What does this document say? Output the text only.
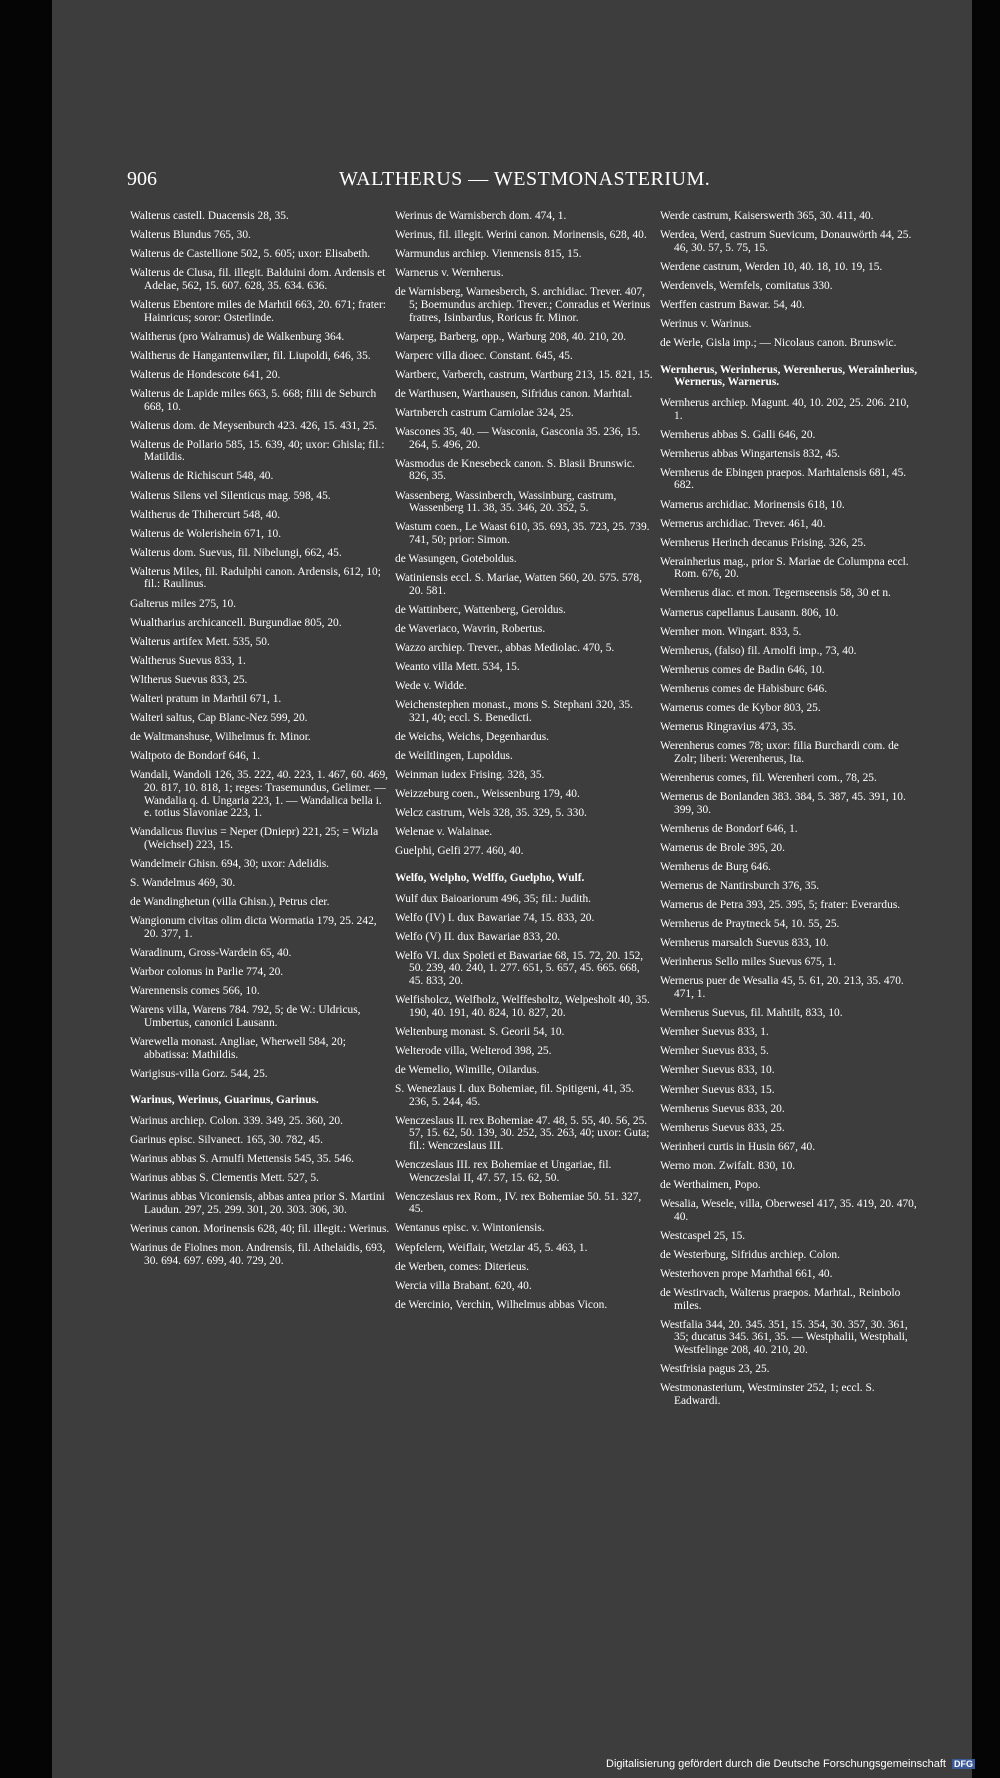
906	WALTHERUS — WESTMONASTERIUM.
Walterus castell. Duacensis 28, 35.
Walterus Blundus 765, 30.
Walterus de Castellione 502, 5. 605; uxor: Elisabeth.
Walterus de Clusa, fil. illegit. Balduini dom. Ardensis et Adelae, 562, 15. 607. 628, 35. 634. 636.
Walterus Ebentore miles de Marhtil 663, 20. 671; frater: Hainricus; soror: Osterlinde.
Waltherus (pro Walramus) de Walkenburg 364.
Waltherus de Hangantenwilær, fil. Liupoldi, 646, 35.
Walterus de Hondescote 641, 20.
Walterus de Lapide miles 663, 5. 668; filii de Seburch 668, 10.
Walterus dom. de Meysenburch 423. 426, 15. 431, 25.
Walterus de Pollario 585, 15. 639, 40; uxor: Ghisla; fil.: Matildis.
Walterus de Richiscurt 548, 40.
Walterus Silens vel Silenticus mag. 598, 45.
Waltherus de Thihercurt 548, 40.
Walterus de Wolerishein 671, 10.
Walterus dom. Suevus, fil. Nibelungi, 662, 45.
Walterus Miles, fil. Radulphi canon. Ardensis, 612, 10; fil.: Raulinus.
Galterus miles 275, 10.
Wualtharius archicancell. Burgundiae 805, 20.
Walterus artifex Mett. 535, 50.
Waltherus Suevus 833, 1.
Wltherus Suevus 833, 25.
Walteri pratum in Marhtil 671, 1.
Walteri saltus, Cap Blanc-Nez 599, 20.
de Waltmanshuse, Wilhelmus fr. Minor.
Waltpoto de Bondorf 646, 1.
Wandali, Wandoli 126, 35. 222, 40. 223, 1. 467, 60. 469, 20. 817, 10. 818, 1; reges: Trasemundus, Gelimer. — Wandalia q. d. Ungaria 223, 1. — Wandalica bella i. e. totius Slavoniae 223, 1.
Wandalicus fluvius = Neper (Dniepr) 221, 25; = Wizla (Weichsel) 223, 15.
Wandelmeir Ghisn. 694, 30; uxor: Adelidis.
S. Wandelmus 469, 30.
de Wandinghetun (villa Ghisn.), Petrus cler.
Wangionum civitas olim dicta Wormatia 179, 25. 242, 20. 377, 1.
Waradinum, Gross-Wardein 65, 40.
Warbor colonus in Parlie 774, 20.
Warennensis comes 566, 10.
Warens villa, Warens 784. 792, 5; de W.: Uldricus, Umbertus, canonici Lausann.
Warewella monast. Angliae, Wherwell 584, 20; abbatissa: Mathildis.
Warigisus-villa Gorz. 544, 25.
Warinus, Werinus, Guarinus, Garinus.
Warinus archiep. Colon. 339. 349, 25. 360, 20.
Garinus episc. Silvanect. 165, 30. 782, 45.
Warinus abbas S. Arnulfi Mettensis 545, 35. 546.
Warinus abbas S. Clementis Mett. 527, 5.
Warinus abbas Viconiensis, abbas antea prior S. Martini Laudun. 297, 25. 299. 301, 20. 303. 306, 30.
Werinus canon. Morinensis 628, 40; fil. illegit.: Werinus.
Warinus de Fiolnes mon. Andrensis, fil. Athelaidis, 693, 30. 694. 697. 699, 40. 729, 20.
Werinus de Warnisberch dom. 474, 1.
Werinus, fil. illegit. Werini canon. Morinensis, 628, 40.
Warmundus archiep. Viennensis 815, 15.
Warnerus v. Wernherus.
de Warnisberg, Warnesberch, S. archidiac. Trever. 407, 5; Boemundus archiep. Trever.; Conradus et Werinus fratres, Isinbardus, Roricus fr. Minor.
Warperg, Barberg, opp., Warburg 208, 40. 210, 20.
Warperc villa dioec. Constant. 645, 45.
Wartberc, Varberch, castrum, Wartburg 213, 15. 821, 15.
de Warthusen, Warthausen, Sifridus canon. Marhtal.
Wartnberch castrum Carniolae 324, 25.
Wascones 35, 40. — Wasconia, Gasconia 35. 236, 15. 264, 5. 496, 20.
Wasmodus de Knesebeck canon. S. Blasii Brunswic. 826, 35.
Wassenberg, Wassinberch, Wassinburg, castrum, Wassenberg 11. 38, 35. 346, 20. 352, 5.
Wastum coen., Le Waast 610, 35. 693, 35. 723, 25. 739. 741, 50; prior: Simon.
de Wasungen, Goteboldus.
Watiniensis eccl. S. Mariae, Watten 560, 20. 575. 578, 20. 581.
de Wattinberc, Wattenberg, Geroldus.
de Waveriaco, Wavrin, Robertus.
Wazzo archiep. Trever., abbas Mediolac. 470, 5.
Weanto villa Mett. 534, 15.
Wede v. Widde.
Weichenstephen monast., mons S. Stephani 320, 35. 321, 40; eccl. S. Benedicti.
de Weichs, Weichs, Degenhardus.
de Weiltlingen, Lupoldus.
Weinman iudex Frising. 328, 35.
Weizzeburg coen., Weissenburg 179, 40.
Welcz castrum, Wels 328, 35. 329, 5. 330.
Welenae v. Walainae.
Guelphi, Gelfi 277. 460, 40.
Welfo, Welpho, Welffo, Guelpho, Wulf.
Wulf dux Baioariorum 496, 35; fil.: Judith.
Welfo (IV) I. dux Bawariae 74, 15. 833, 20.
Welfo (V) II. dux Bawariae 833, 20.
Welfo VI. dux Spoleti et Bawariae 68, 15. 72, 20. 152, 50. 239, 40. 240, 1. 277. 651, 5. 657, 45. 665. 668, 45. 833, 20.
Welfisholcz, Welfholz, Welffesholtz, Welpesholt 40, 35. 190, 40. 191, 40. 824, 10. 827, 20.
Weltenburg monast. S. Georii 54, 10.
Welterode villa, Welterod 398, 25.
de Wemelio, Wimille, Oilardus.
S. Wenezlaus I. dux Bohemiae, fil. Spitigeni, 41, 35. 236, 5. 244, 45.
Wenczeslaus II. rex Bohemiae 47. 48, 5. 55, 40. 56, 25. 57, 15. 62, 50. 139, 30. 252, 35. 263, 40; uxor: Guta; fil.: Wenczeslaus III.
Wenczeslaus III. rex Bohemiae et Ungariae, fil. Wenczeslai II, 47. 57, 15. 62, 50.
Wenczeslaus rex Rom., IV. rex Bohemiae 50. 51. 327, 45.
Wentanus episc. v. Wintoniensis.
Wepfelern, Weiflair, Wetzlar 45, 5. 463, 1.
de Werben, comes: Diterieus.
Wercia villa Brabant. 620, 40.
de Wercinio, Verchin, Wilhelmus abbas Vicon.
Werde castrum, Kaiserswerth 365, 30. 411, 40.
Werdea, Werd, castrum Suevicum, Donauwörth 44, 25. 46, 30. 57, 5. 75, 15.
Werdene castrum, Werden 10, 40. 18, 10. 19, 15.
Werdenvels, Wernfels, comitatus 330.
Werffen castrum Bawar. 54, 40.
Werinus v. Warinus.
de Werle, Gisla imp.; — Nicolaus canon. Brunswic.
Wernherus, Werinherus, Werenherus, Werainherius, Wernerus, Warnerus.
Wernherus archiep. Magunt. 40, 10. 202, 25. 206. 210, 1.
Wernherus abbas S. Galli 646, 20.
Wernherus abbas Wingartensis 832, 45.
Wernherus de Ebingen praepos. Marhtalensis 681, 45. 682.
Warnerus archidiac. Morinensis 618, 10.
Wernerus archidiac. Trever. 461, 40.
Wernherus Herinch decanus Frising. 326, 25.
Werainherius mag., prior S. Mariae de Columpna eccl. Rom. 676, 20.
Wernherus diac. et mon. Tegernseensis 58, 30 et n.
Warnerus capellanus Lausann. 806, 10.
Wernher mon. Wingart. 833, 5.
Wernherus, (falso) fil. Arnolfi imp., 73, 40.
Wernherus comes de Badin 646, 10.
Wernherus comes de Habisburc 646.
Warnerus comes de Kybor 803, 25.
Wernerus Ringravius 473, 35.
Werenherus comes 78; uxor: filia Burchardi com. de Zolr; liberi: Werenherus, Ita.
Werenherus comes, fil. Werenheri com., 78, 25.
Wernerus de Bonlanden 383. 384, 5. 387, 45. 391, 10. 399, 30.
Wernherus de Bondorf 646, 1.
Warnerus de Brole 395, 20.
Wernherus de Burg 646.
Wernerus de Nantirsburch 376, 35.
Warnerus de Petra 393, 25. 395, 5; frater: Everardus.
Wernherus de Praytneck 54, 10. 55, 25.
Wernherus marsalch Suevus 833, 10.
Werinherus Sello miles Suevus 675, 1.
Wernerus puer de Wesalia 45, 5. 61, 20. 213, 35. 470. 471, 1.
Wernherus Suevus, fil. Mahtilt, 833, 10.
Wernher Suevus 833, 1.
Wernher Suevus 833, 5.
Wernher Suevus 833, 10.
Wernher Suevus 833, 15.
Wernherus Suevus 833, 20.
Wernherus Suevus 833, 25.
Werinheri curtis in Husin 667, 40.
Werno mon. Zwifalt. 830, 10.
de Werthaimen, Popo.
Wesalia, Wesele, villa, Oberwesel 417, 35. 419, 20. 470, 40.
Westcaspel 25, 15.
de Westerburg, Sifridus archiep. Colon.
Westerhoven prope Marhthal 661, 40.
de Westirvach, Walterus praepos. Marhtal., Reinbolo miles.
Westfalia 344, 20. 345. 351, 15. 354, 30. 357, 30. 361, 35; ducatus 345. 361, 35. — Westphalii, Westphali, Westfelinge 208, 40. 210, 20.
Westfrisia pagus 23, 25.
Westmonasterium, Westminster 252, 1; eccl. S. Eadwardi.
Digitalisierung gefördert durch die Deutsche Forschungsgemeinschaft DFG
